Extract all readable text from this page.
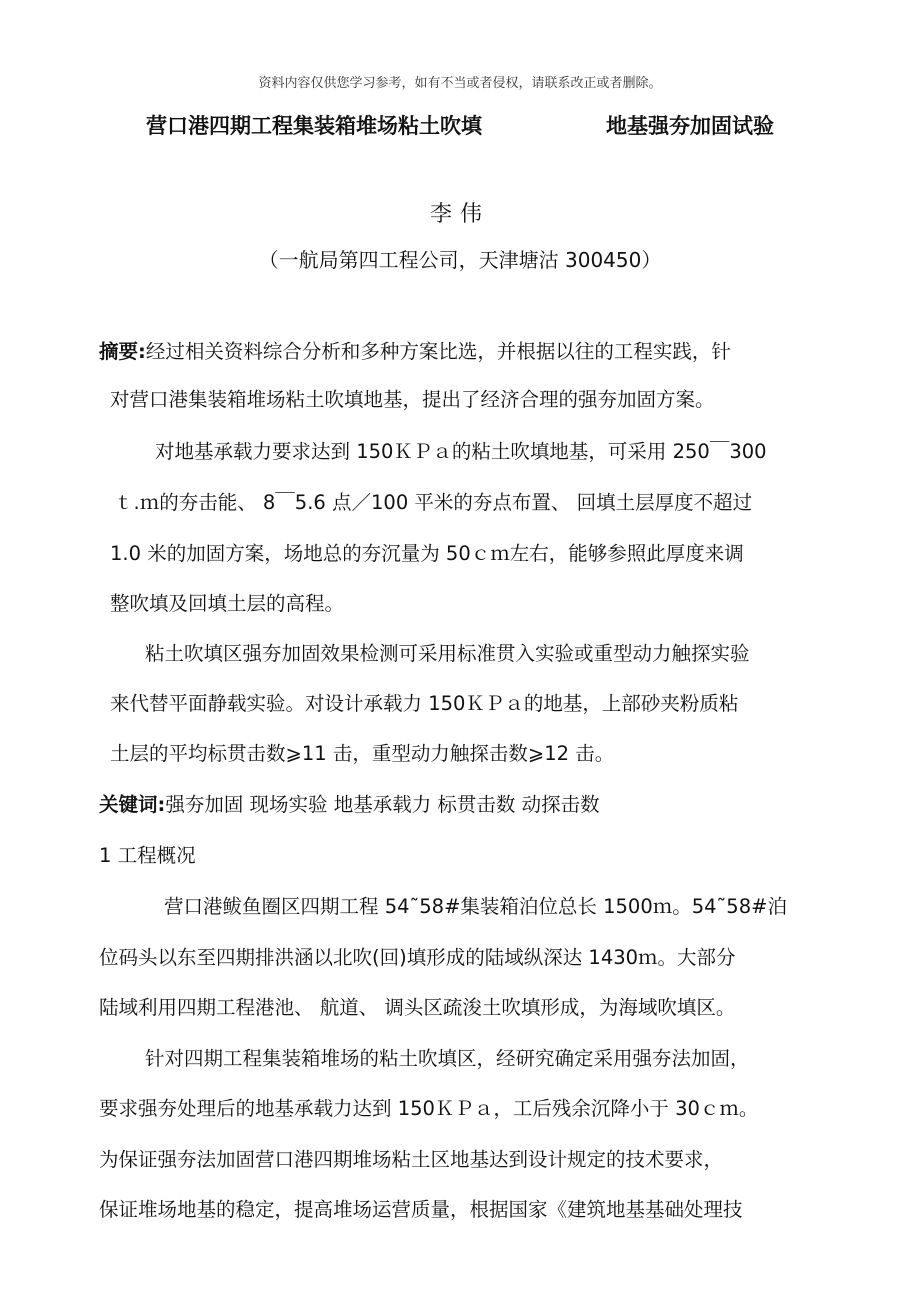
资料内容仅供您学习参考，如有不当或者侵权，请联系改正或者删除。
营口港四期工程集装箱堆场粘土吹填	地基强夯加固试验
李伟
（一航局第四工程公司，天津塘沽 300450）
摘要:经过相关资料综合分析和多种方案比选，并根据以往的工程实践，针
对营口港集装箱堆场粘土吹填地基，提出了经济合理的强夯加固方案。
对地基承载力要求达到 150ＫＰａ的粘土吹填地基，可采用 250￣300
ｔ.ｍ的夯击能、 8￣5.6 点／100 平米的夯点布置、 回填土层厚度不超过
1.0 米的加固方案，场地总的夯沉量为 50ｃｍ左右，能够参照此厚度来调
整吹填及回填土层的高程。
粘土吹填区强夯加固效果检测可采用标准贯入实验或重型动力触探实验
来代替平面静载实验。对设计承载力 150ＫＰａ的地基，上部砂夹粉质粘
土层的平均标贯击数⩾11 击，重型动力触探击数⩾12 击。
关键词:强夯加固 现场实验 地基承载力 标贯击数 动探击数
1 工程概况
营口港鲅鱼圈区四期工程 54˜58#集装箱泊位总长 1500ｍ。54˜58#泊
位码头以东至四期排洪涵以北吹(回)填形成的陆域纵深达 1430ｍ。大部分
陆域利用四期工程港池、 航道、 调头区疏浚土吹填形成，为海域吹填区。
针对四期工程集装箱堆场的粘土吹填区，经研究确定采用强夯法加固，
要求强夯处理后的地基承载力达到 150ＫＰａ，工后残余沉降小于 30ｃｍ。
为保证强夯法加固营口港四期堆场粘土区地基达到设计规定的技术要求，
保证堆场地基的稳定，提高堆场运营质量，根据国家《建筑地基基础处理技
